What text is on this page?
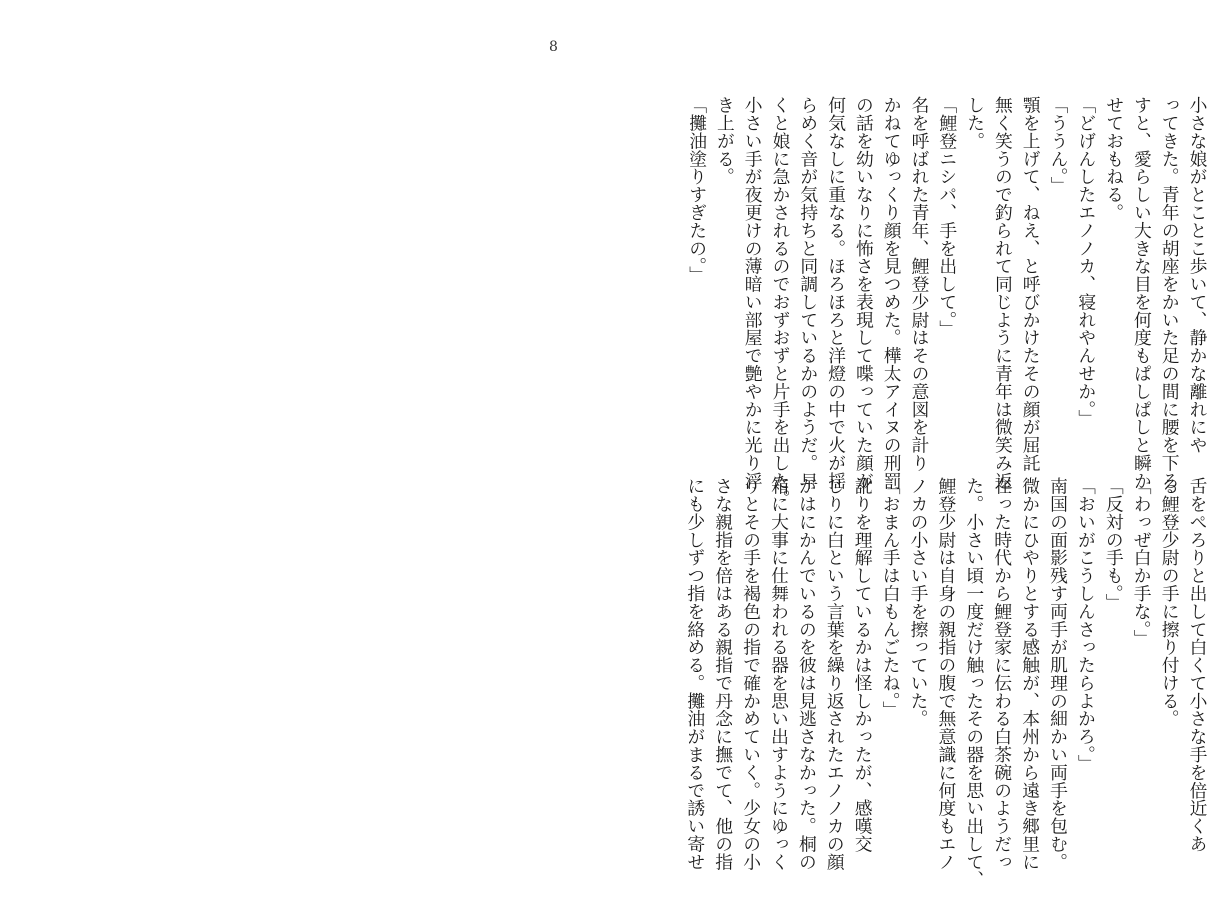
8
小さな娘がとことこ歩いて、静かな離れにや
ってきた。青年の胡座をかいた足の間に腰を下ろ
すと、愛らしい大きな目を何度もぱしぱしと瞬か
せておもねる。
「どげんしたエノノカ、寝れやんせか。」
「ううん。」
顎を上げて、ねえ、と呼びかけたその顔が屈託
無く笑うので釣られて同じように青年は微笑み返
した。
「鯉登ニシパ、手を出して。」
名を呼ばれた青年、鯉登少尉はその意図を計り
かねてゆっくり顔を見つめた。樺太アイヌの刑罰
の話を幼いなりに怖さを表現して喋っていた顔が
何気なしに重なる。ほろほろと洋燈の中で火が揺
らめく音が気持ちと同調しているかのようだ。早
くと娘に急かされるのでおずおずと片手を出した。
小さい手が夜更けの薄暗い部屋で艶やかに光り浮
き上がる。
「攤油塗りすぎたの。」
舌をぺろりと出して白くて小さな手を倍近くあ
る鯉登少尉の手に擦り付ける。
「わっぜ白か手な。」
「反対の手も。」
「おいがこうしんさったらよかろ。」
南国の面影残す両手が肌理の細かい両手を包む。
微かにひやりとする感触が、本州から遠き郷里に
在った時代から鯉登家に伝わる白茶碗のようだっ
た。小さい頃一度だけ触ったその器を思い出して、
鯉登少尉は自身の親指の腹で無意識に何度もエノ
ノカの小さい手を擦っていた。
「おまん手は白もんごたね。」
訛りを理解しているかは怪しかったが、感嘆交
じりに白という言葉を繰り返されたエノノカの顔
がはにかんでいるのを彼は見逃さなかった。桐の
箱に大事に仕舞われる器を思い出すようにゆっく
りとその手を褐色の指で確かめていく。少女の小
さな親指を倍はある親指で丹念に撫でて、他の指
にも少しずつ指を絡める。攤油がまるで誘い寄せ
